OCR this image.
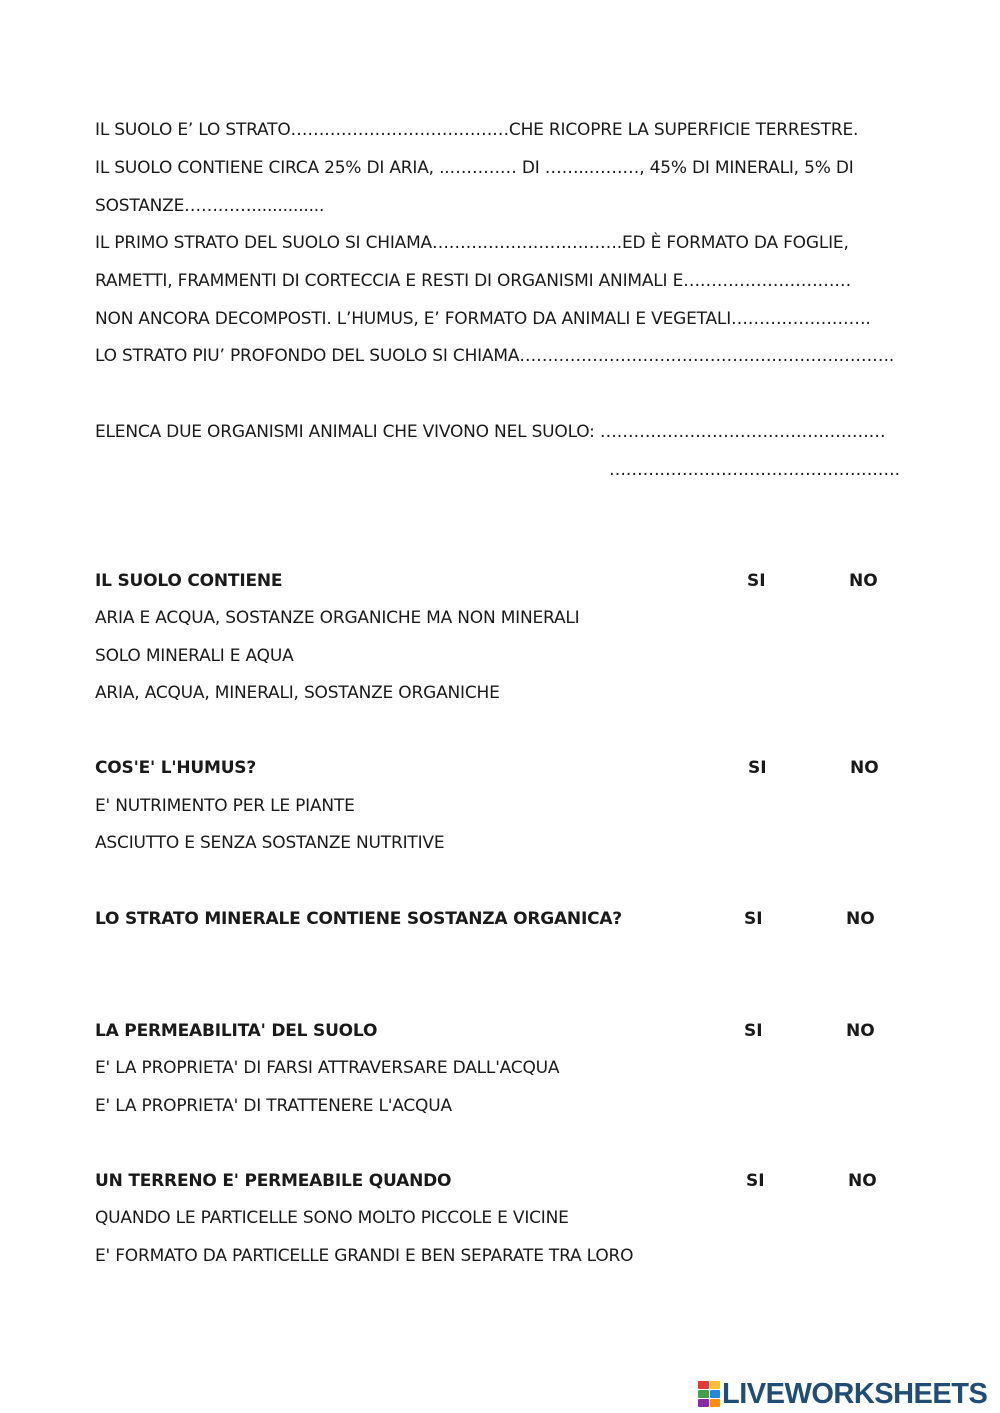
IL SUOLO E’ LO STRATO…………………………………CHE RICOPRE LA SUPERFICIE TERRESTRE.
IL SUOLO CONTIENE CIRCA 25% DI ARIA, ..………… DI ……..………, 45% DI MINERALI, 5% DI
SOSTANZE…………..............
IL PRIMO STRATO DEL SUOLO SI CHIAMA…………………………….ED È FORMATO DA FOGLIE,
RAMETTI, FRAMMENTI DI CORTECCIA E RESTI DI ORGANISMI ANIMALI E…………………………
NON ANCORA DECOMPOSTI. L’HUMUS, E’ FORMATO DA ANIMALI E VEGETALI…………………….
LO STRATO PIU’ PROFONDO DEL SUOLO SI CHIAMA………………………………………………………….
ELENCA DUE ORGANISMI ANIMALI CHE VIVONO NEL SUOLO: ……………………………………………
…………………………………………….
IL SUOLO CONTIENE	SI	NO
ARIA E ACQUA, SOSTANZE ORGANICHE MA NON MINERALI
SOLO MINERALI E AQUA
ARIA, ACQUA, MINERALI, SOSTANZE ORGANICHE
COS'E' L'HUMUS?	SI	NO
E' NUTRIMENTO PER LE PIANTE
ASCIUTTO E SENZA SOSTANZE NUTRITIVE
LO STRATO MINERALE CONTIENE SOSTANZA ORGANICA?	SI	NO
LA PERMEABILITA' DEL SUOLO	SI	NO
E' LA PROPRIETA' DI FARSI ATTRAVERSARE DALL'ACQUA
E' LA PROPRIETA' DI TRATTENERE L'ACQUA
UN TERRENO E' PERMEABILE QUANDO	SI	NO
QUANDO LE PARTICELLE SONO MOLTO PICCOLE E VICINE
E' FORMATO DA PARTICELLE GRANDI E BEN SEPARATE TRA LORO
LIVEWORKSHEETS
